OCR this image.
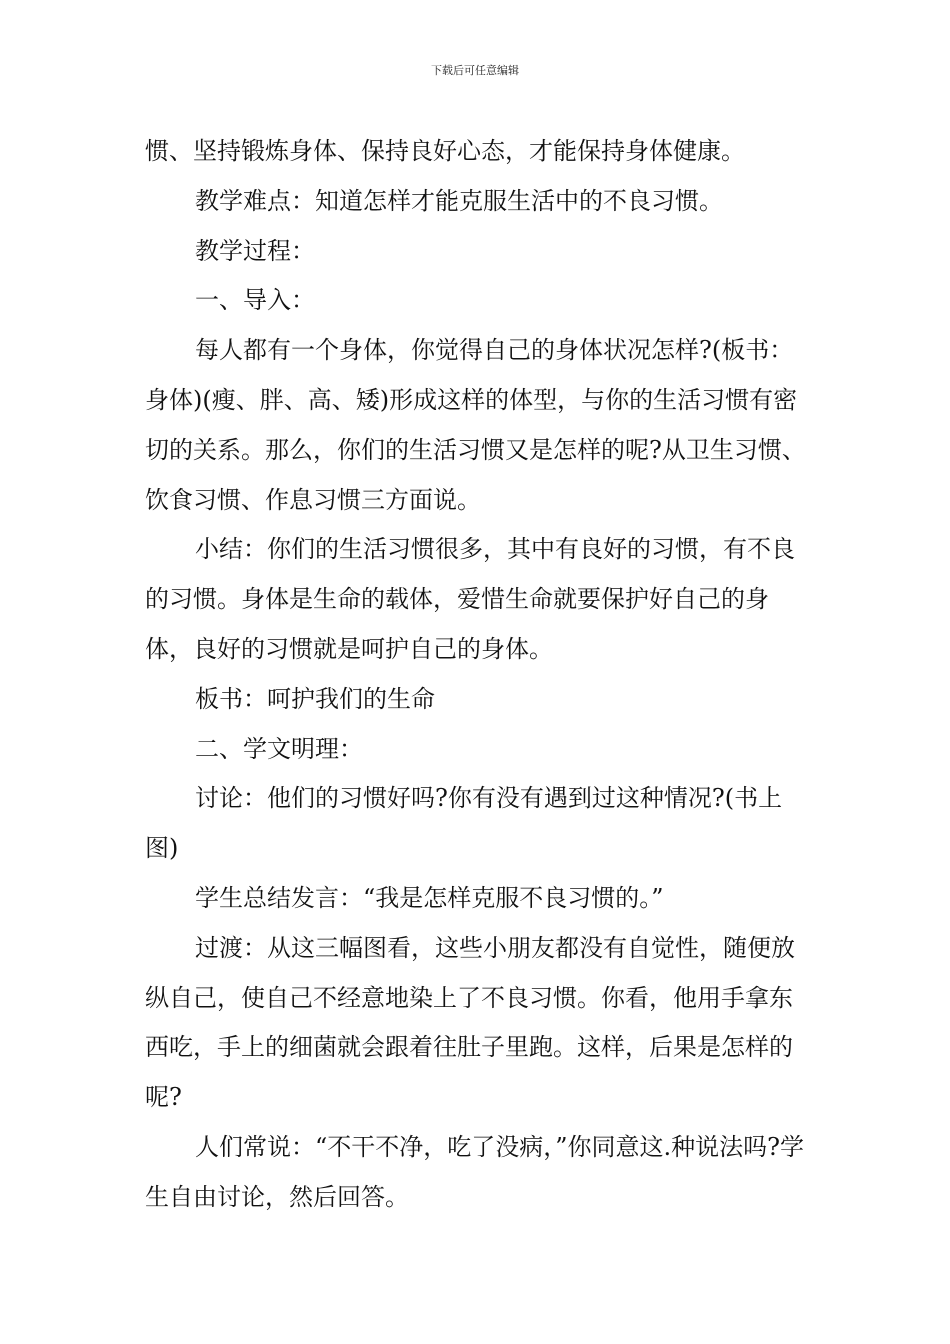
下载后可任意编辑

惯、坚持锻炼身体、保持良好心态，才能保持身体健康。

教学难点：知道怎样才能克服生活中的不良习惯。

教学过程：

一、导入：

每人都有一个身体，你觉得自己的身体状况怎样?(板书：身体)(瘦、胖、高、矮)形成这样的体型，与你的生活习惯有密切的关系。那么，你们的生活习惯又是怎样的呢?从卫生习惯、饮食习惯、作息习惯三方面说。

小结：你们的生活习惯很多，其中有良好的习惯，有不良的习惯。身体是生命的载体，爱惜生命就要保护好自己的身体，良好的习惯就是呵护自己的身体。

板书：呵护我们的生命

二、学文明理：

讨论：他们的习惯好吗?你有没有遇到过这种情况?(书上图)

学生总结发言：“我是怎样克服不良习惯的。”

过渡：从这三幅图看，这些小朋友都没有自觉性，随便放纵自己，使自己不经意地染上了不良习惯。你看，他用手拿东西吃，手上的细菌就会跟着往肚子里跑。这样，后果是怎样的呢?

人们常说：“不干不净，吃了没病，”你同意这.种说法吗?学生自由讨论，然后回答。
